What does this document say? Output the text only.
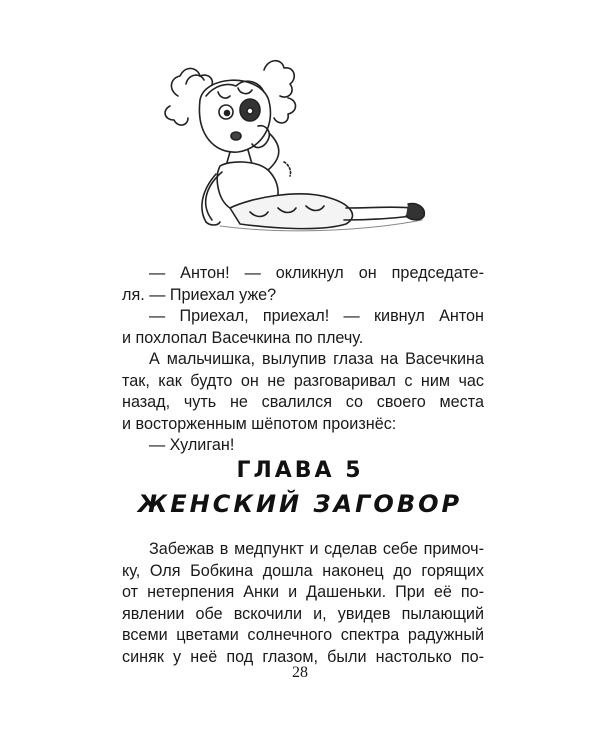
— Антон! — окликнул он председате-

ля. — Приехал уже?

— Приехал, приехал! — кивнул Антон

и похлопал Васечкина по плечу.

А мальчишка, вылупив глаза на Васечкина

так, как будто он не разговаривал с ним час

назад, чуть не свалился со своего места

и восторженным шёпотом произнёс:

— Хулиган!

ГЛАВА 5
ЖЕНСКИЙ ЗАГОВОР

Забежав в медпункт и сделав себе примоч-

ку, Оля Бобкина дошла наконец до горящих

от нетерпения Анки и Дашеньки. При её по-

явлении обе вскочили и, увидев пылающий

всеми цветами солнечного спектра радужный

синяк у неё под глазом, были настолько по-

28
